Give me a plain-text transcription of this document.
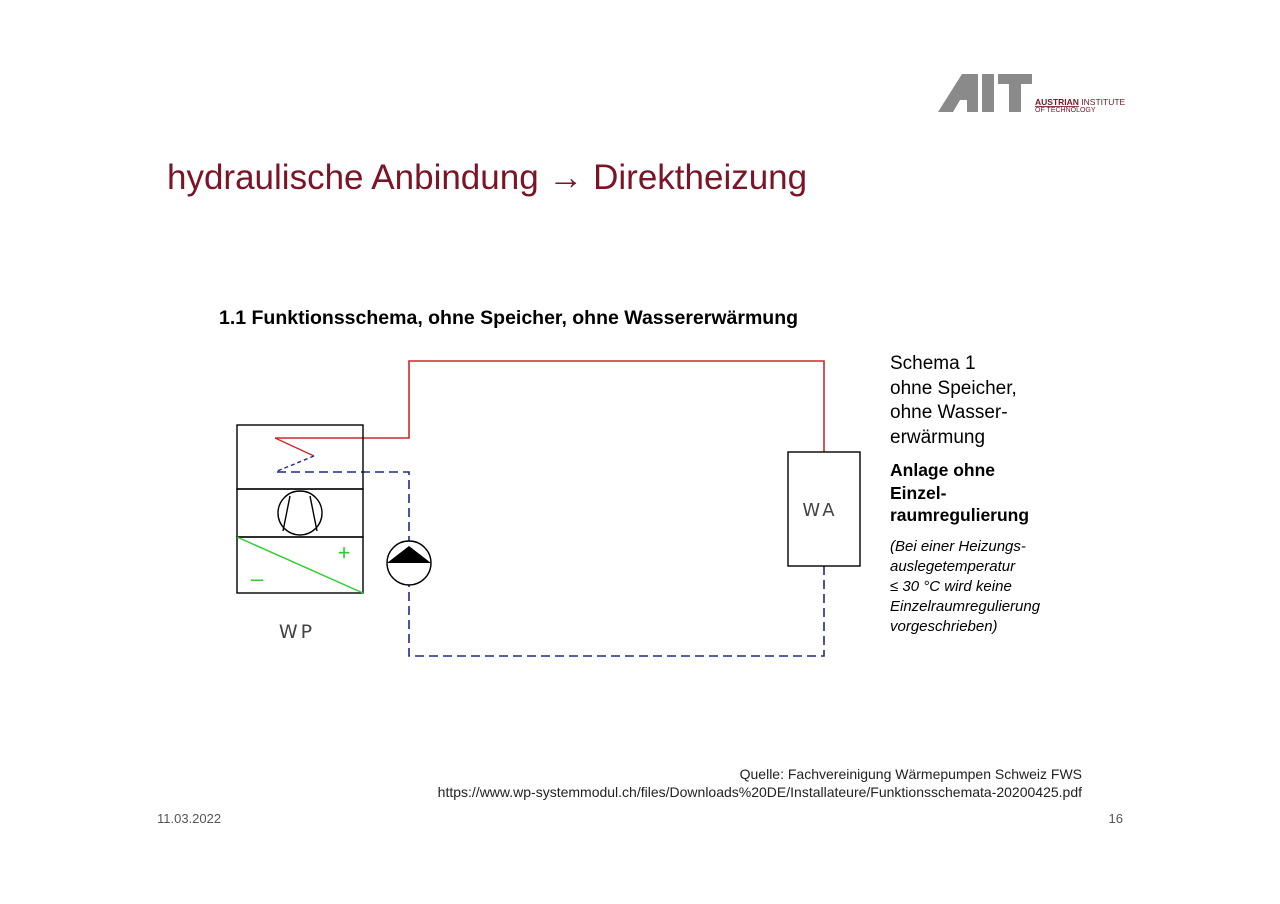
AUSTRIAN INSTITUTE
OF TECHNOLOGY
hydraulische Anbindung → Direktheizung
1.1 Funktionsschema, ohne Speicher, ohne Wassererwärmung
+
–
WP
WA
Schema 1
ohne Speicher,
ohne Wasser-
erwärmung
Anlage ohne
Einzel-
raumregulierung
(Bei einer Heizungs-
auslegetemperatur
≤ 30 °C wird keine
Einzelraumregulierung
vorgeschrieben)
Quelle: Fachvereinigung Wärmepumpen Schweiz FWS
https://www.wp-systemmodul.ch/files/Downloads%20DE/Installateure/Funktionsschemata-20200425.pdf
11.03.2022	16
